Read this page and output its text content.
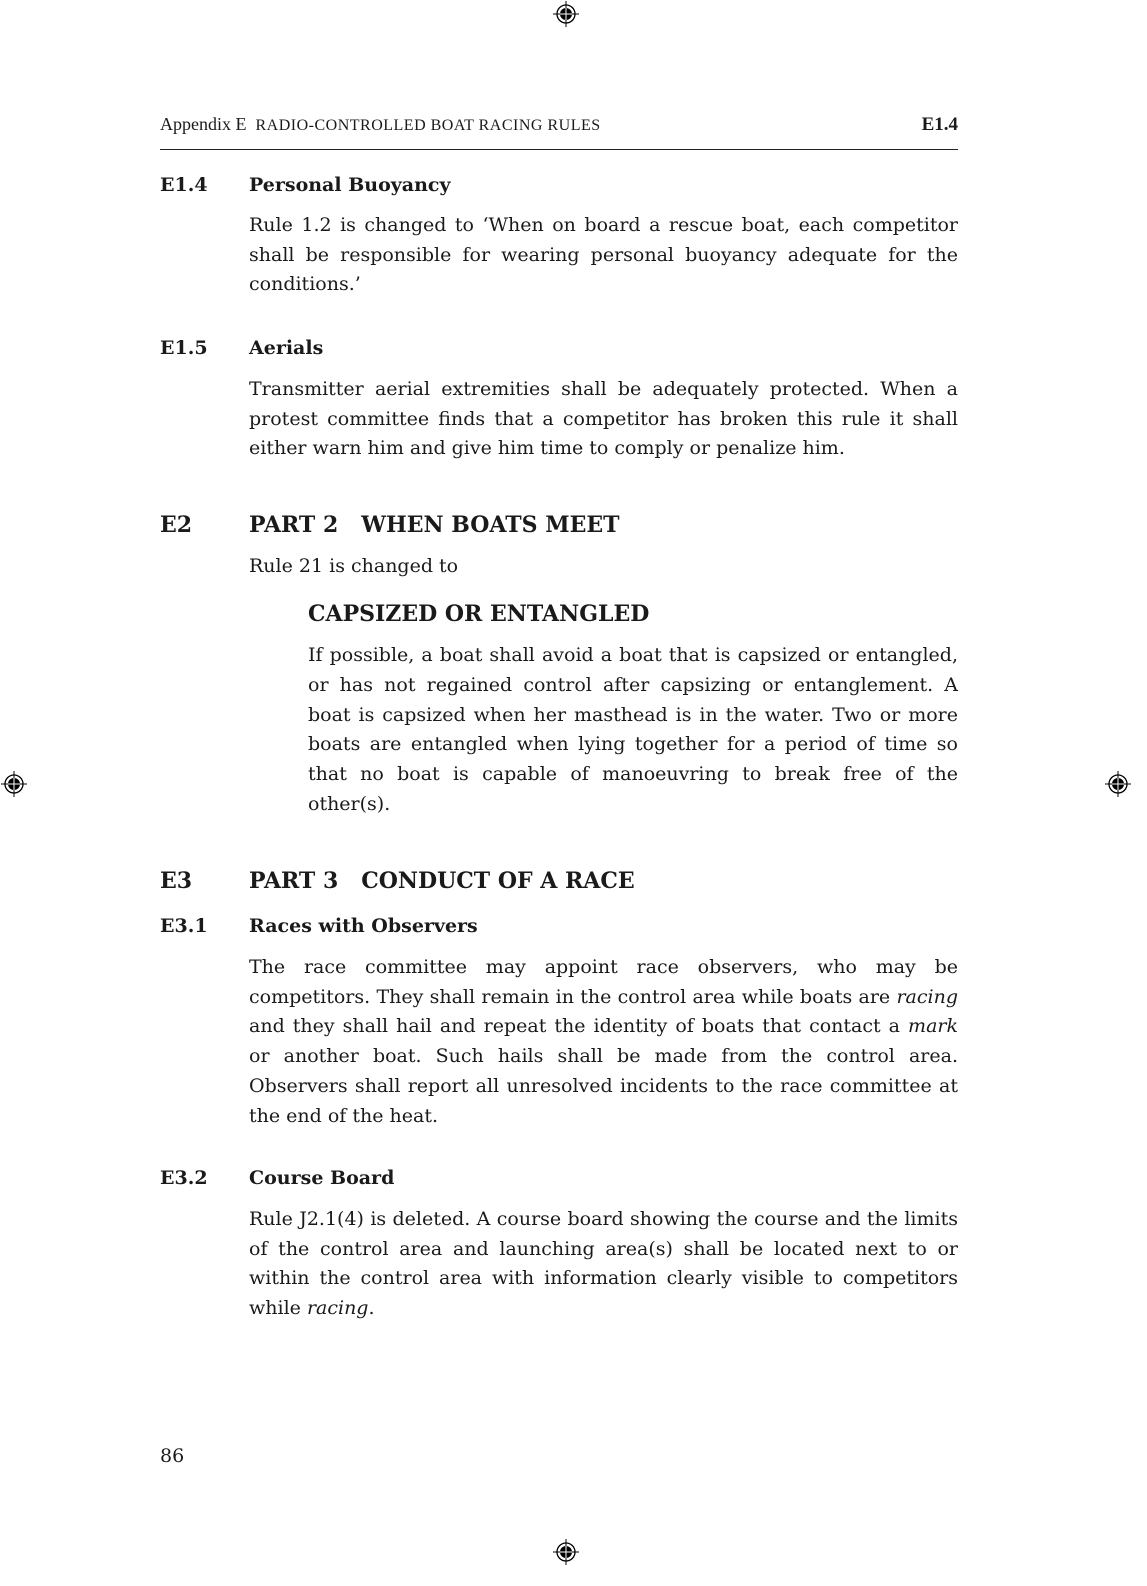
Appendix E RADIO-CONTROLLED BOAT RACING RULES	E1.4
E1.4 Personal Buoyancy
Rule 1.2 is changed to ‘When on board a rescue boat, each competitor shall be responsible for wearing personal buoyancy adequate for the conditions.’
E1.5 Aerials
Transmitter aerial extremities shall be adequately protected. When a protest committee finds that a competitor has broken this rule it shall either warn him and give him time to comply or penalize him.
E2	PART 2 WHEN BOATS MEET
Rule 21 is changed to
CAPSIZED OR ENTANGLED
If possible, a boat shall avoid a boat that is capsized or entangled, or has not regained control after capsizing or entanglement. A boat is capsized when her masthead is in the water. Two or more boats are entangled when lying together for a period of time so that no boat is capable of manoeuvring to break free of the other(s).
E3	PART 3 CONDUCT OF A RACE
E3.1 Races with Observers
The race committee may appoint race observers, who may be competitors. They shall remain in the control area while boats are racing and they shall hail and repeat the identity of boats that contact a mark or another boat. Such hails shall be made from the control area. Observers shall report all unresolved incidents to the race committee at the end of the heat.
E3.2 Course Board
Rule J2.1(4) is deleted. A course board showing the course and the limits of the control area and launching area(s) shall be located next to or within the control area with information clearly visible to competitors while racing.
86
